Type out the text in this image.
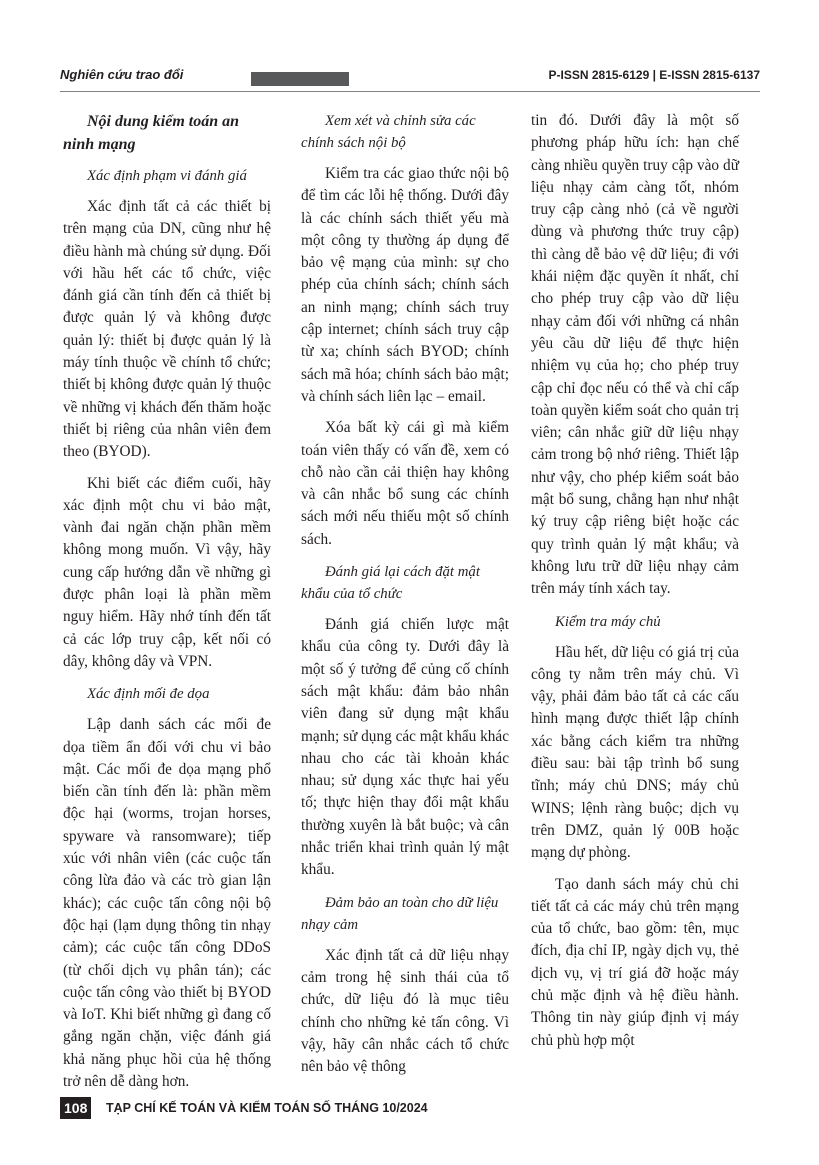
Nghiên cứu trao đổi	P-ISSN 2815-6129 | E-ISSN 2815-6137
Nội dung kiểm toán an ninh mạng
Xác định phạm vi đánh giá

Xác định tất cả các thiết bị trên mạng của DN, cũng như hệ điều hành mà chúng sử dụng. Đối với hầu hết các tổ chức, việc đánh giá cần tính đến cả thiết bị được quản lý và không được quản lý: thiết bị được quản lý là máy tính thuộc về chính tổ chức; thiết bị không được quản lý thuộc về những vị khách đến thăm hoặc thiết bị riêng của nhân viên đem theo (BYOD).

Khi biết các điểm cuối, hãy xác định một chu vi bảo mật, vành đai ngăn chặn phần mềm không mong muốn. Vì vậy, hãy cung cấp hướng dẫn về những gì được phân loại là phần mềm nguy hiểm. Hãy nhớ tính đến tất cả các lớp truy cập, kết nối có dây, không dây và VPN.

Xác định mối đe dọa

Lập danh sách các mối đe dọa tiềm ẩn đối với chu vi bảo mật. Các mối đe dọa mạng phổ biến cần tính đến là: phần mềm độc hại (worms, trojan horses, spyware và ransomware); tiếp xúc với nhân viên (các cuộc tấn công lừa đảo và các trò gian lận khác); các cuộc tấn công nội bộ độc hại (lạm dụng thông tin nhạy cảm); các cuộc tấn công DDoS (từ chối dịch vụ phân tán); các cuộc tấn công vào thiết bị BYOD và IoT. Khi biết những gì đang cố gắng ngăn chặn, việc đánh giá khả năng phục hồi của hệ thống trở nên dễ dàng hơn.

Xem xét và chỉnh sửa các chính sách nội bộ

Kiểm tra các giao thức nội bộ để tìm các lỗi hệ thống. Dưới đây là các chính sách thiết yếu mà một công ty thường áp dụng để bảo vệ mạng của mình: sự cho phép của chính sách; chính sách an ninh mạng; chính sách truy cập internet; chính sách truy cập từ xa; chính sách BYOD; chính sách mã hóa; chính sách bảo mật; và chính sách liên lạc – email.

Xóa bất kỳ cái gì mà kiểm toán viên thấy có vấn đề, xem có chỗ nào cần cải thiện hay không và cân nhắc bổ sung các chính sách mới nếu thiếu một số chính sách.

Đánh giá lại cách đặt mật khẩu của tổ chức

Đánh giá chiến lược mật khẩu của công ty. Dưới đây là một số ý tưởng để củng cố chính sách mật khẩu: đảm bảo nhân viên đang sử dụng mật khẩu mạnh; sử dụng các mật khẩu khác nhau cho các tài khoản khác nhau; sử dụng xác thực hai yếu tố; thực hiện thay đổi mật khẩu thường xuyên là bắt buộc; và cân nhắc triển khai trình quản lý mật khẩu.

Đảm bảo an toàn cho dữ liệu nhạy cảm

Xác định tất cả dữ liệu nhạy cảm trong hệ sinh thái của tổ chức, dữ liệu đó là mục tiêu chính cho những kẻ tấn công. Vì vậy, hãy cân nhắc cách tổ chức nên bảo vệ thông

tin đó. Dưới đây là một số phương pháp hữu ích: hạn chế càng nhiều quyền truy cập vào dữ liệu nhạy cảm càng tốt, nhóm truy cập càng nhỏ (cả về người dùng và phương thức truy cập) thì càng dễ bảo vệ dữ liệu; đi với khái niệm đặc quyền ít nhất, chỉ cho phép truy cập vào dữ liệu nhạy cảm đối với những cá nhân yêu cầu dữ liệu để thực hiện nhiệm vụ của họ; cho phép truy cập chỉ đọc nếu có thể và chỉ cấp toàn quyền kiểm soát cho quản trị viên; cân nhắc giữ dữ liệu nhạy cảm trong bộ nhớ riêng. Thiết lập như vậy, cho phép kiểm soát bảo mật bổ sung, chẳng hạn như nhật ký truy cập riêng biệt hoặc các quy trình quản lý mật khẩu; và không lưu trữ dữ liệu nhạy cảm trên máy tính xách tay.

Kiểm tra máy chủ

Hầu hết, dữ liệu có giá trị của công ty nằm trên máy chủ. Vì vậy, phải đảm bảo tất cả các cấu hình mạng được thiết lập chính xác bằng cách kiểm tra những điều sau: bài tập trình bổ sung tĩnh; máy chủ DNS; máy chủ WINS; lệnh ràng buộc; dịch vụ trên DMZ, quản lý 00B hoặc mạng dự phòng.

Tạo danh sách máy chủ chi tiết tất cả các máy chủ trên mạng của tổ chức, bao gồm: tên, mục đích, địa chỉ IP, ngày dịch vụ, thẻ dịch vụ, vị trí giá đỡ hoặc máy chủ mặc định và hệ điều hành. Thông tin này giúp định vị máy chủ phù hợp một

108	TẠP CHÍ KẾ TOÁN VÀ KIỂM TOÁN SỐ THÁNG 10/2024
